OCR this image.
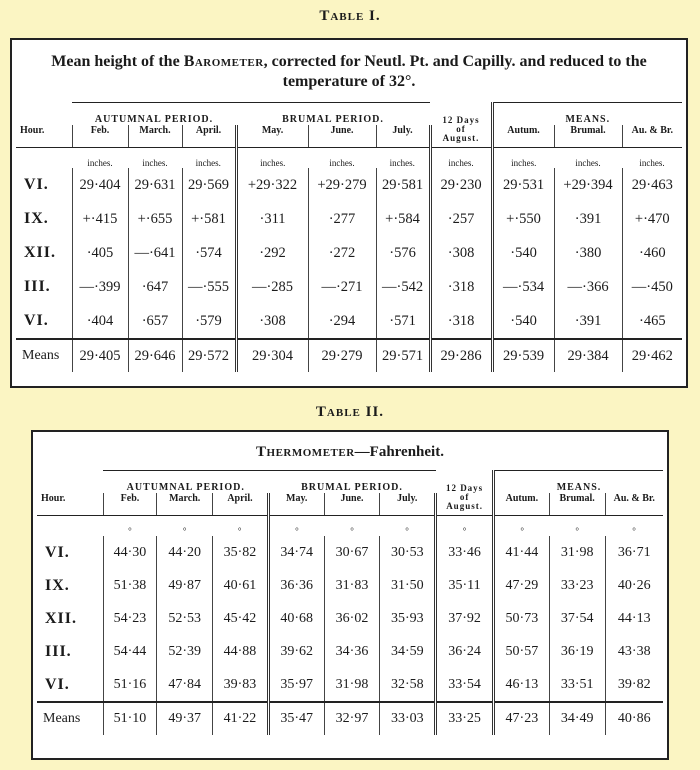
Table I.
Mean height of the Barometer, corrected for Neutl. Pt. and Capilly. and reduced to the temperature of 32°.
	AUTUMNAL PERIOD.			BRUMAL PERIOD.			12 Days of August.	MEANS.		
Hour.	Feb.	March.	April.	May.	June.	July.		Autum.	Brumal.	Au. & Br.
	inches.	inches.	inches.	inches.	inches.	inches.	inches.	inches.	inches.	inches.
VI.	29·404	29·631	29·569	+29·322	+29·279	29·581	29·230	29·531	+29·394	29·463
IX.	+·415	+·655	+·581	·311	·277	+·584	·257	+·550	·391	+·470
XII.	·405	—·641	·574	·292	·272	·576	·308	·540	·380	·460
III.	—·399	·647	—·555	—·285	—·271	—·542	·318	—·534	—·366	—·450
VI.	·404	·657	·579	·308	·294	·571	·318	·540	·391	·465
Means	29·405	29·646	29·572	29·304	29·279	29·571	29·286	29·539	29·384	29·462
Table II.
Thermometer—Fahrenheit.
	AUTUMNAL PERIOD.			BRUMAL PERIOD.			12 Days of August.	MEANS.		
Hour.	Feb.	March.	April.	May.	June.	July.		Autum.	Brumal.	Au. & Br.
	°	°	°	°	°	°	°	°	°	°
VI.	44·30	44·20	35·82	34·74	30·67	30·53	33·46	41·44	31·98	36·71
IX.	51·38	49·87	40·61	36·36	31·83	31·50	35·11	47·29	33·23	40·26
XII.	54·23	52·53	45·42	40·68	36·02	35·93	37·92	50·73	37·54	44·13
III.	54·44	52·39	44·88	39·62	34·36	34·59	36·24	50·57	36·19	43·38
VI.	51·16	47·84	39·83	35·97	31·98	32·58	33·54	46·13	33·51	39·82
Means	51·10	49·37	41·22	35·47	32·97	33·03	33·25	47·23	34·49	40·86
